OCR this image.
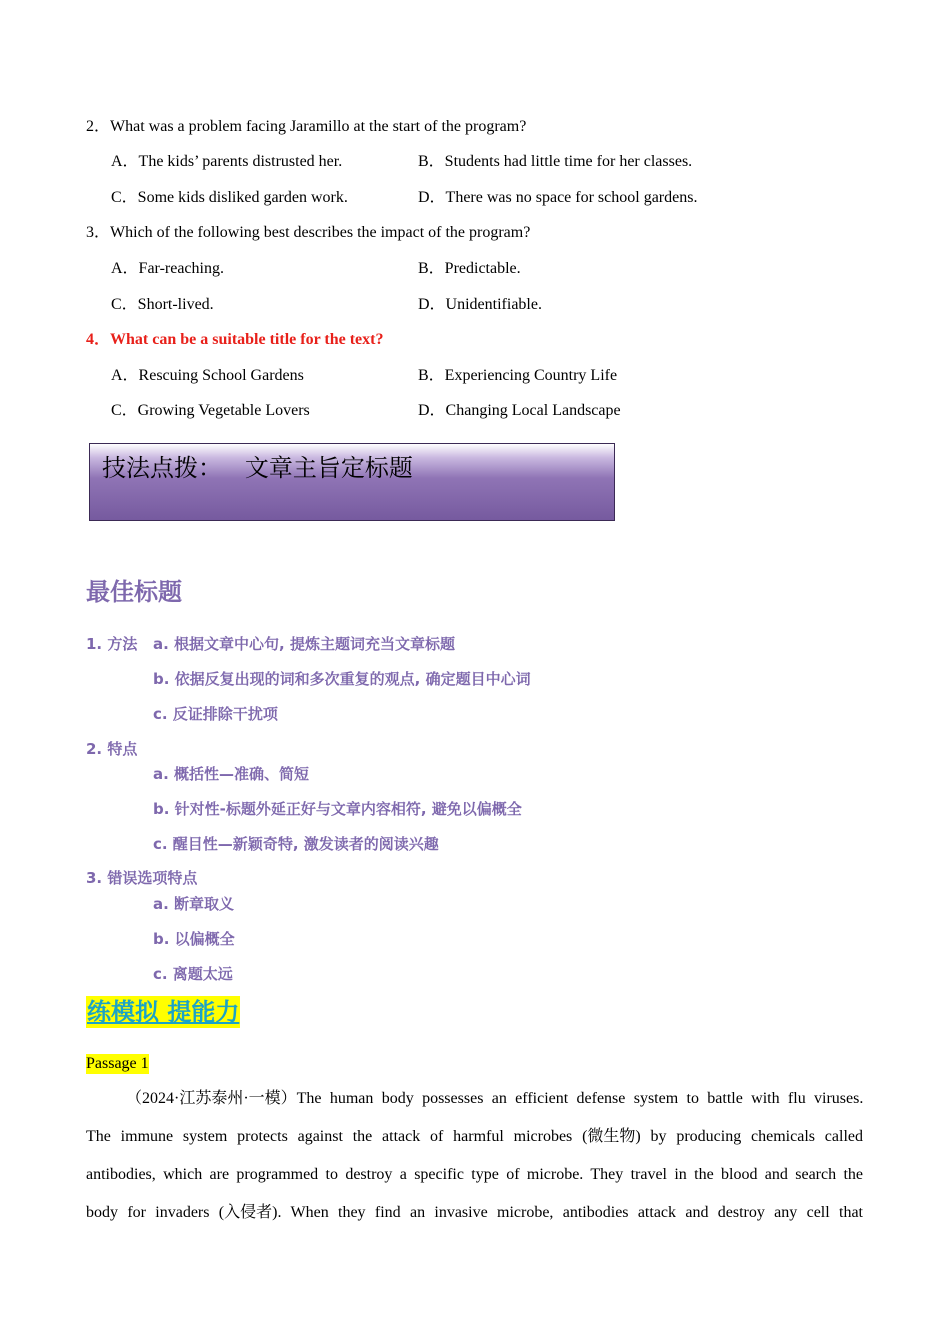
2．What was a problem facing Jaramillo at the start of the program?
A．The kids’ parents distrusted her.	B．Students had little time for her classes.
C．Some kids disliked garden work.	D．There was no space for school gardens.
3．Which of the following best describes the impact of the program?
A．Far-reaching.	B．Predictable.
C．Short-lived.	D．Unidentifiable.
4．What can be a suitable title for the text?
A．Rescuing School Gardens	B．Experiencing Country Life
C．Growing Vegetable Lovers	D．Changing Local Landscape
技法点拨：   文章主旨定标题
最佳标题
1. 方法 a. 根据文章中心句, 提炼主题词充当文章标题
b. 依据反复出现的词和多次重复的观点, 确定题目中心词
c. 反证排除干扰项
2. 特点
a. 概括性—准确、简短
b. 针对性-标题外延正好与文章内容相符, 避免以偏概全
c. 醒目性—新颖奇特, 激发读者的阅读兴趣
3. 错误选项特点
a. 断章取义
b. 以偏概全
c. 离题太远
练模拟 提能力
Passage 1
（2024·江苏泰州·一模）The human body possesses an efficient defense system to battle with flu viruses.
The immune system protects against the attack of harmful microbes (微生物) by producing chemicals called
antibodies, which are programmed to destroy a specific type of microbe. They travel in the blood and search the
body for invaders (入侵者). When they find an invasive microbe, antibodies attack and destroy any cell that
